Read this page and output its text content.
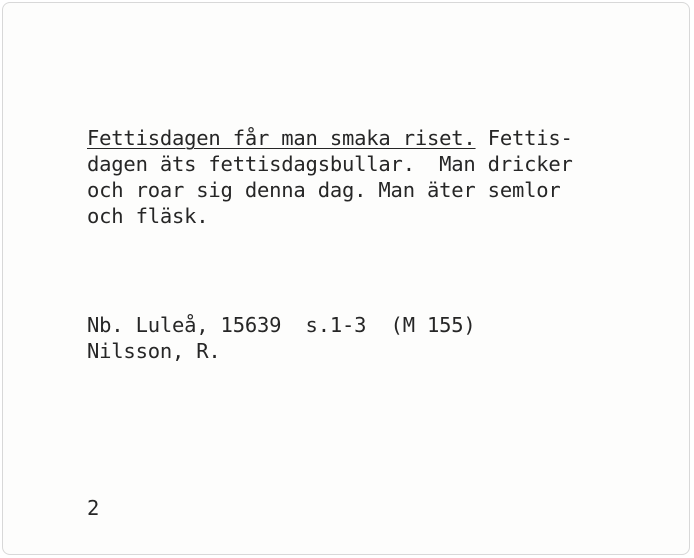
Fettisdagen får man smaka riset. Fettis-

dagen äts fettisdagsbullar.  Man dricker

och roar sig denna dag. Man äter semlor

och fläsk.

Nb. Luleå, 15639  s.1-3  (M 155)

Nilsson, R.

2
